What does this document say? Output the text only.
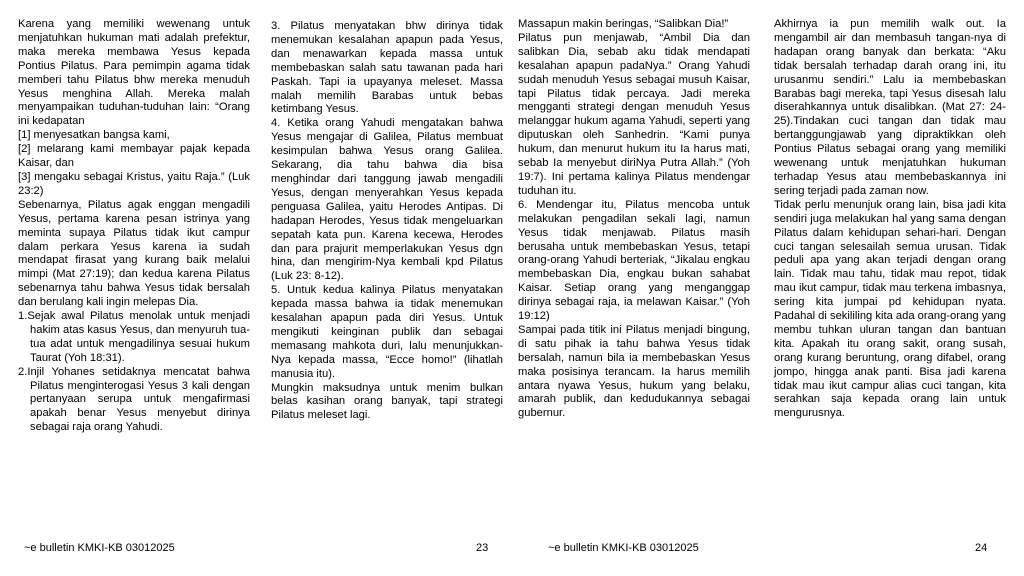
Karena yang memiliki wewenang untuk menjatuhkan hukuman mati adalah prefektur, maka mereka membawa Yesus kepada Pontius Pilatus. Para pemimpin agama tidak memberi tahu Pilatus bhw mereka menuduh Yesus menghina Allah. Mereka malah menyampaikan tuduhan-tuduhan lain: “Orang ini kedapatan

[1] menyesatkan bangsa kami,

[2] melarang kami membayar pajak kepada Kaisar, dan

[3] mengaku sebagai Kristus, yaitu Raja.” (Luk 23:2)

Sebenarnya, Pilatus agak enggan mengadili Yesus, pertama karena pesan istrinya yang meminta supaya Pilatus tidak ikut campur dalam perkara Yesus karena ia sudah mendapat firasat yang kurang baik melalui mimpi (Mat 27:19); dan kedua karena Pilatus sebenarnya tahu bahwa Yesus tidak bersalah dan berulang kali ingin melepas Dia.

1.Sejak awal Pilatus menolak untuk menjadi hakim atas kasus Yesus, dan menyuruh tua-tua adat untuk mengadilinya sesuai hukum Taurat (Yoh 18:31).

2.Injil Yohanes setidaknya mencatat bahwa Pilatus menginterogasi Yesus 3 kali dengan pertanyaan serupa untuk mengafirmasi apakah benar Yesus menyebut dirinya sebagai raja orang Yahudi.

3. Pilatus menyatakan bhw dirinya tidak menemukan kesalahan apapun pada Yesus, dan menawarkan kepada massa untuk membebaskan salah satu tawanan pada hari Paskah. Tapi ia upayanya meleset. Massa malah memilih Barabas untuk bebas ketimbang Yesus.

4. Ketika orang Yahudi mengatakan bahwa Yesus mengajar di Galilea, Pilatus membuat kesimpulan bahwa Yesus orang Galilea. Sekarang, dia tahu bahwa dia bisa menghindar dari tanggung jawab mengadili Yesus, dengan menyerahkan Yesus kepada penguasa Galilea, yaitu Herodes Antipas. Di hadapan Herodes, Yesus tidak mengeluarkan sepatah kata pun. Karena kecewa, Herodes dan para prajurit memperlakukan Yesus dgn hina, dan mengirim-Nya kembali kpd Pilatus (Luk 23: 8-12).

5. Untuk kedua kalinya Pilatus menyatakan kepada massa bahwa ia tidak menemukan kesalahan apapun pada diri Yesus. Untuk mengikuti keinginan publik dan sebagai memasang mahkota duri, lalu menunjukkan-Nya kepada massa, “Ecce homo!” (lihatlah manusia itu).

Mungkin maksudnya untuk menim bulkan belas kasihan orang banyak, tapi strategi Pilatus meleset lagi.

Massapun makin beringas, “Salibkan Dia!”

Pilatus pun menjawab, “Ambil Dia dan salibkan Dia, sebab aku tidak mendapati kesalahan apapun padaNya.” Orang Yahudi sudah menuduh Yesus sebagai musuh Kaisar, tapi Pilatus tidak percaya. Jadi mereka mengganti strategi dengan menuduh Yesus melanggar hukum agama Yahudi, seperti yang diputuskan oleh Sanhedrin. “Kami punya hukum, dan menurut hukum itu Ia harus mati, sebab Ia menyebut diriNya Putra Allah.” (Yoh 19:7). Ini pertama kalinya Pilatus mendengar tuduhan itu.

6. Mendengar itu, Pilatus mencoba untuk melakukan pengadilan sekali lagi, namun Yesus tidak menjawab. Pilatus masih berusaha untuk membebaskan Yesus, tetapi orang-orang Yahudi berteriak, “Jikalau engkau membebaskan Dia, engkau bukan sahabat Kaisar. Setiap orang yang menganggap dirinya sebagai raja, ia melawan Kaisar.” (Yoh 19:12)

Sampai pada titik ini Pilatus menjadi bingung, di satu pihak ia tahu bahwa Yesus tidak bersalah, namun bila ia membebaskan Yesus maka posisinya terancam. Ia harus memilih antara nyawa Yesus, hukum yang belaku, amarah publik, dan kedudukannya sebagai gubernur.

Akhirnya ia pun memilih walk out. Ia mengambil air dan membasuh tangan-nya di hadapan orang banyak dan berkata: “Aku tidak bersalah terhadap darah orang ini, itu urusanmu sendiri.” Lalu ia membebaskan Barabas bagi mereka, tapi Yesus disesah lalu diserahkannya untuk disalibkan. (Mat 27: 24-25).Tindakan cuci tangan dan tidak mau bertanggungjawab yang dipraktikkan oleh Pontius Pilatus sebagai orang yang memiliki wewenang untuk menjatuhkan hukuman terhadap Yesus atau membebaskannya ini sering terjadi pada zaman now.

Tidak perlu menunjuk orang lain, bisa jadi kita sendiri juga melakukan hal yang sama dengan Pilatus dalam kehidupan sehari-hari. Dengan cuci tangan selesailah semua urusan. Tidak peduli apa yang akan terjadi dengan orang lain. Tidak mau tahu, tidak mau repot, tidak mau ikut campur, tidak mau terkena imbasnya, sering kita jumpai pd kehidupan nyata. Padahal di sekililing kita ada orang-orang yang membu tuhkan uluran tangan dan bantuan kita. Apakah itu orang sakit, orang susah, orang kurang beruntung, orang difabel, orang jompo, hingga anak panti. Bisa jadi karena tidak mau ikut campur alias cuci tangan, kita serahkan saja kepada orang lain untuk mengurusnya.

~e bulletin KMKI-KB 03012025	23	~e bulletin KMKI-KB 03012025	24
